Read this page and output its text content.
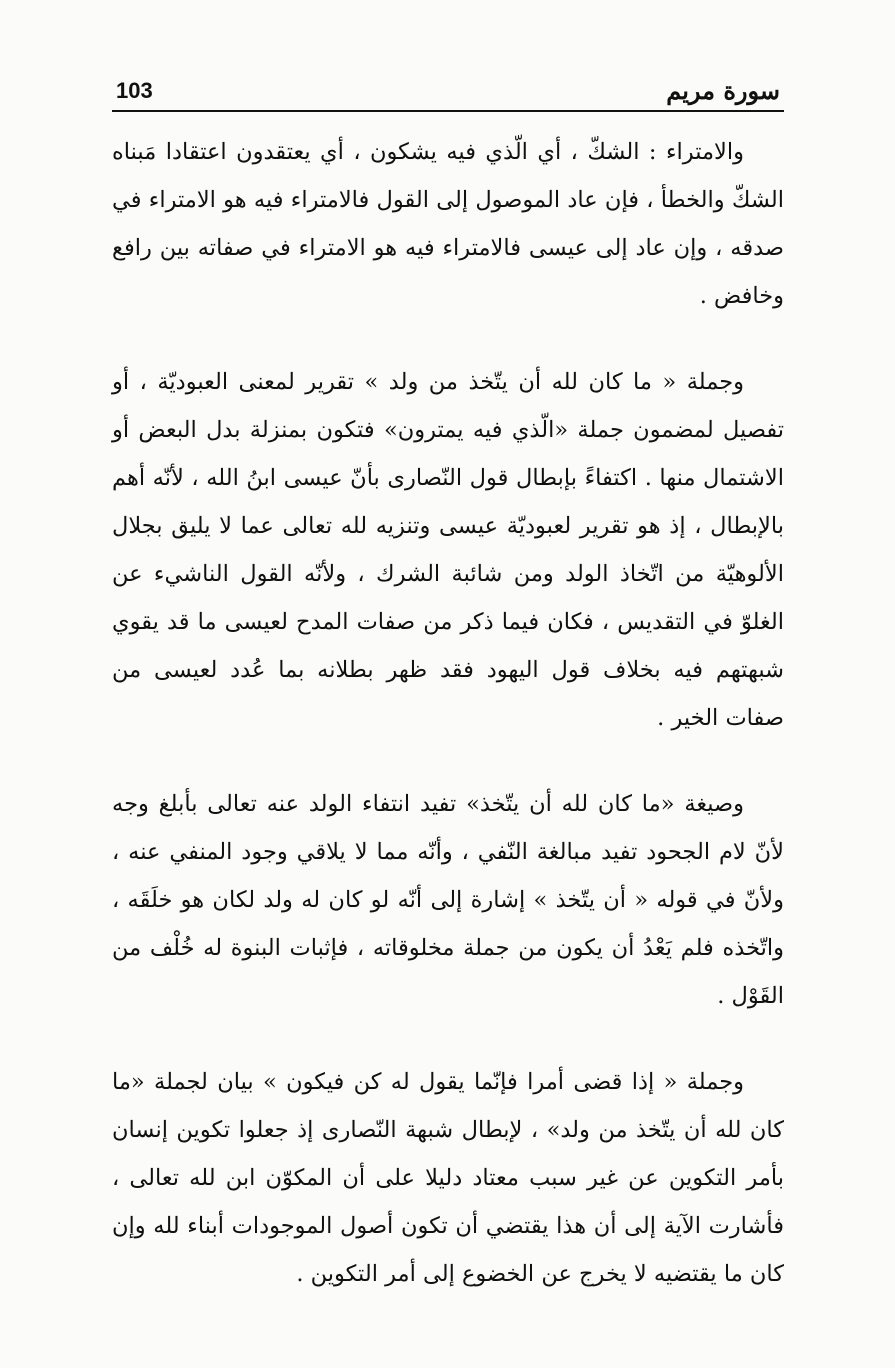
103	سورة مريم

والامتراء : الشكّ ، أي الّذي فيه يشكون ، أي يعتقدون اعتقادا مَبناه الشكّ والخطأ ، فإن عاد الموصول إلى القول فالامتراء فيه هو الامتراء في صدقه ، وإن عاد إلى عيسى فالامتراء فيه هو الامتراء في صفاته بين رافع وخافض .

وجملة « ما كان لله أن يتّخذ من ولد » تقرير لمعنى العبوديّة ، أو تفصيل لمضمون جملة «الّذي فيه يمترون» فتكون بمنزلة بدل البعض أو الاشتمال منها . اكتفاءً بإبطال قول النّصارى بأنّ عيسى ابنُ الله ، لأنّه أهم بالإبطال ، إذ هو تقرير لعبوديّة عيسى وتنزيه لله تعالى عما لا يليق بجلال الألوهيّة من اتّخاذ الولد ومن شائبة الشرك ، ولأنّه القول الناشيء عن الغلوّ في التقديس ، فكان فيما ذكر من صفات المدح لعيسى ما قد يقوي شبهتهم فيه بخلاف قول اليهود فقد ظهر بطلانه بما عُدد لعيسى من صفات الخير .

وصيغة «ما كان لله أن يتّخذ» تفيد انتفاء الولد عنه تعالى بأبلغ وجه لأنّ لام الجحود تفيد مبالغة النّفي ، وأنّه مما لا يلاقي وجود المنفي عنه ، ولأنّ في قوله « أن يتّخذ » إشارة إلى أنّه لو كان له ولد لكان هو خلَقَه ، واتّخذه فلم يَعْدُ أن يكون من جملة مخلوقاته ، فإثبات البنوة له خُلْف من القَوْل .

وجملة « إذا قضى أمرا فإنّما يقول له كن فيكون » بيان لجملة «ما كان لله أن يتّخذ من ولد» ، لإبطال شبهة النّصارى إذ جعلوا تكوين إنسان بأمر التكوين عن غير سبب معتاد دليلا على أن المكوّن ابن لله تعالى ، فأشارت الآية إلى أن هذا يقتضي أن تكون أصول الموجودات أبناء لله وإن كان ما يقتضيه لا يخرج عن الخضوع إلى أمر التكوين .
